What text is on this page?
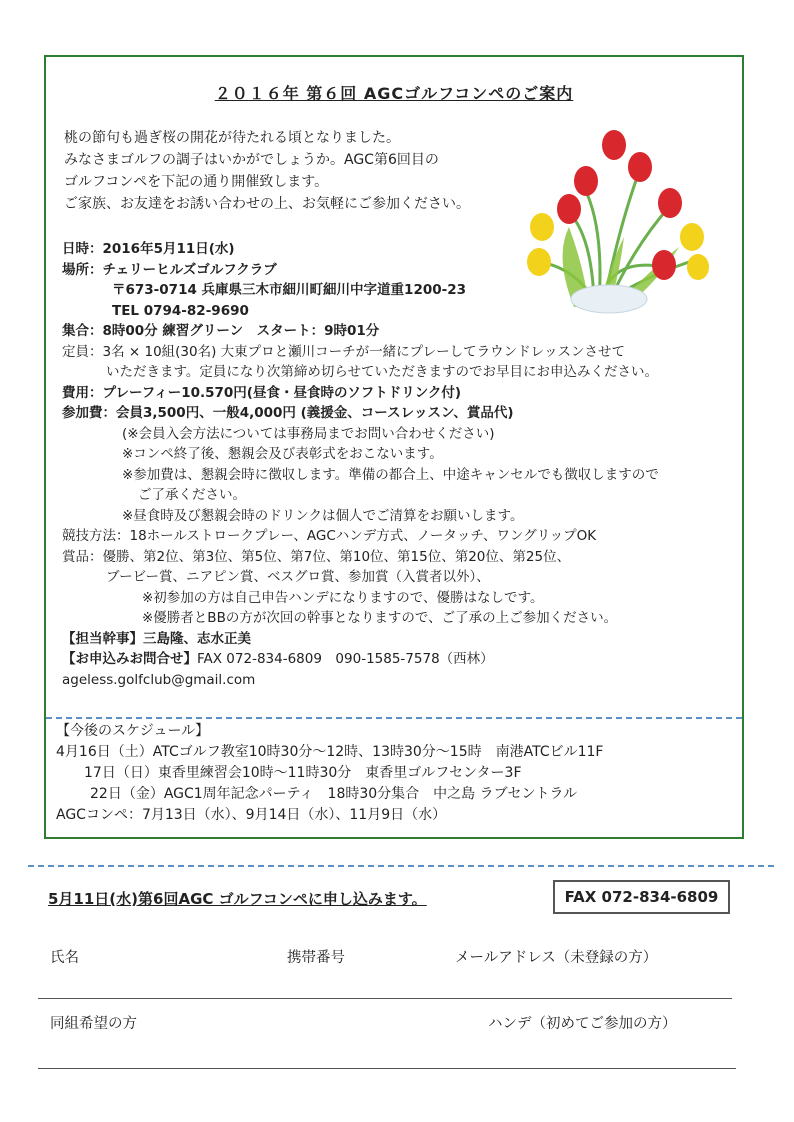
２０１６年 第６回 AGCゴルフコンペのご案内
桃の節句も過ぎ桜の開花が待たれる頃となりました。
みなさまゴルフの調子はいかがでしょうか。AGC第6回目の
ゴルフコンペを下記の通り開催致します。
ご家族、お友達をお誘い合わせの上、お気軽にご参加ください。
日時：2016年5月11日(水)
場所：チェリーヒルズゴルフクラブ
〒673-0714 兵庫県三木市細川町細川中字道重1200-23
TEL 0794-82-9690
集合：8時00分 練習グリーン　スタート：9時01分
定員：3名 × 10組(30名) 大東プロと瀬川コーチが一緒にプレーしてラウンドレッスンさせて
いただきます。定員になり次第締め切らせていただきますのでお早目にお申込みください。
費用：プレーフィー10.570円(昼食・昼食時のソフトドリンク付)
参加費：会員3,500円、一般4,000円 (義援金、コースレッスン、賞品代)
(※会員入会方法については事務局までお問い合わせください)
※コンペ終了後、懇親会及び表彰式をおこないます。
※参加費は、懇親会時に徴収します。準備の都合上、中途キャンセルでも徴収しますので
ご了承ください。
※昼食時及び懇親会時のドリンクは個人でご清算をお願いします。
競技方法：18ホールストロークプレー、AGCハンデ方式、ノータッチ、ワングリップOK
賞品：優勝、第2位、第3位、第5位、第7位、第10位、第15位、第20位、第25位、
ブービー賞、ニアピン賞、ベスグロ賞、参加賞（入賞者以外）、
※初参加の方は自己申告ハンデになりますので、優勝はなしです。
※優勝者とBBの方が次回の幹事となりますので、ご了承の上ご参加ください。
【担当幹事】三島隆、志水正美
【お申込みお問合せ】FAX 072-834-6809　090-1585-7578（西林）
ageless.golfclub@gmail.com
【今後のスケジュール】
4月16日（土）ATCゴルフ教室10時30分～12時、13時30分～15時　南港ATCビル11F
17日（日）東香里練習会10時～11時30分　東香里ゴルフセンター3F
22日（金）AGC1周年記念パーティ　18時30分集合　中之島 ラブセントラル
AGCコンペ：7月13日（水）、9月14日（水）、11月9日（水）
5月11日(水)第6回AGC ゴルフコンペに申し込みます。	FAX 072-834-6809
氏名	携帯番号	メールアドレス（未登録の方）
同組希望の方	ハンデ（初めてご参加の方）
